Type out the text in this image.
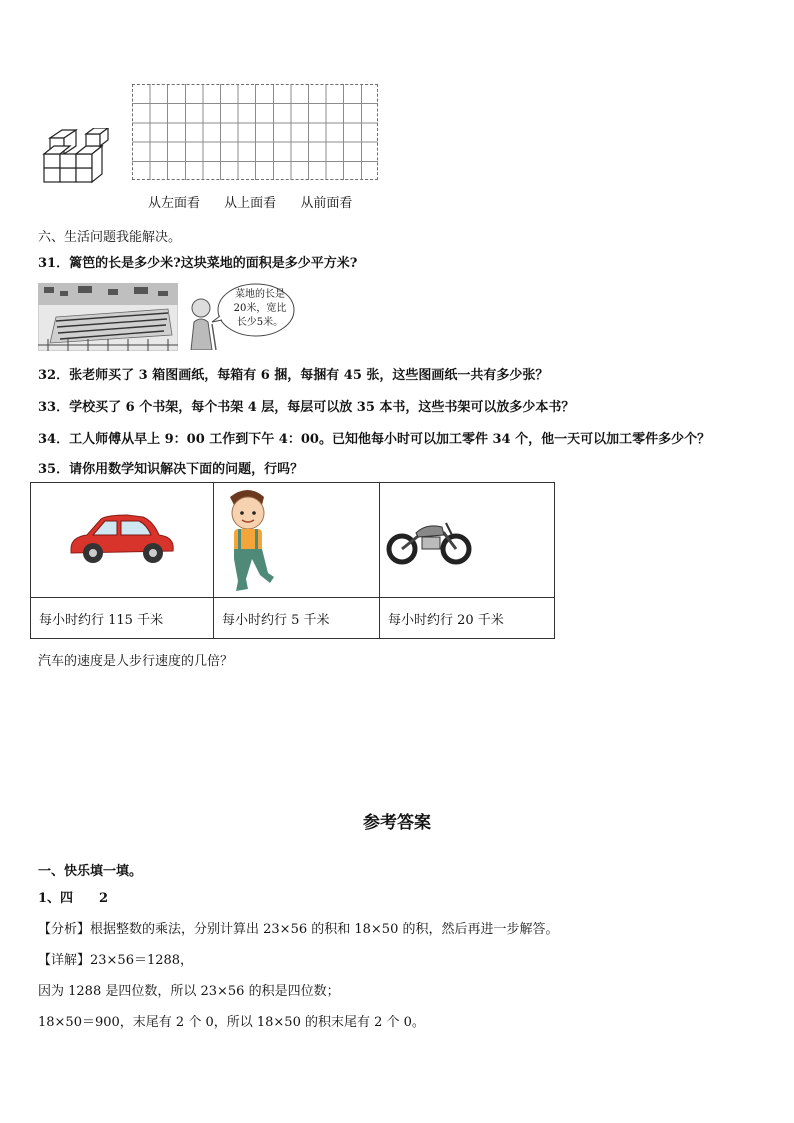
从左面看 从上面看 从前面看
六、生活问题我能解决。
31．篱笆的长是多少米?这块菜地的面积是多少平方米?
菜地的长是
20米，宽比
长少5米。
32．张老师买了 3 箱图画纸，每箱有 6 捆，每捆有 45 张，这些图画纸一共有多少张？
33．学校买了 6 个书架，每个书架 4 层，每层可以放 35 本书，这些书架可以放多少本书？
34．工人师傅从早上 9：00 工作到下午 4：00。已知他每小时可以加工零件 34 个，他一天可以加工零件多少个？
35．请你用数学知识解决下面的问题，行吗？

每小时约行 115 千米	每小时约行 5 千米	每小时约行 20 千米
汽车的速度是人步行速度的几倍？
参考答案
一、快乐填一填。
1、四　　2
【分析】根据整数的乘法，分别计算出 23×56 的积和 18×50 的积，然后再进一步解答。
【详解】23×56＝1288，
因为 1288 是四位数，所以 23×56 的积是四位数；
18×50＝900，末尾有 2 个 0，所以 18×50 的积末尾有 2 个 0。
